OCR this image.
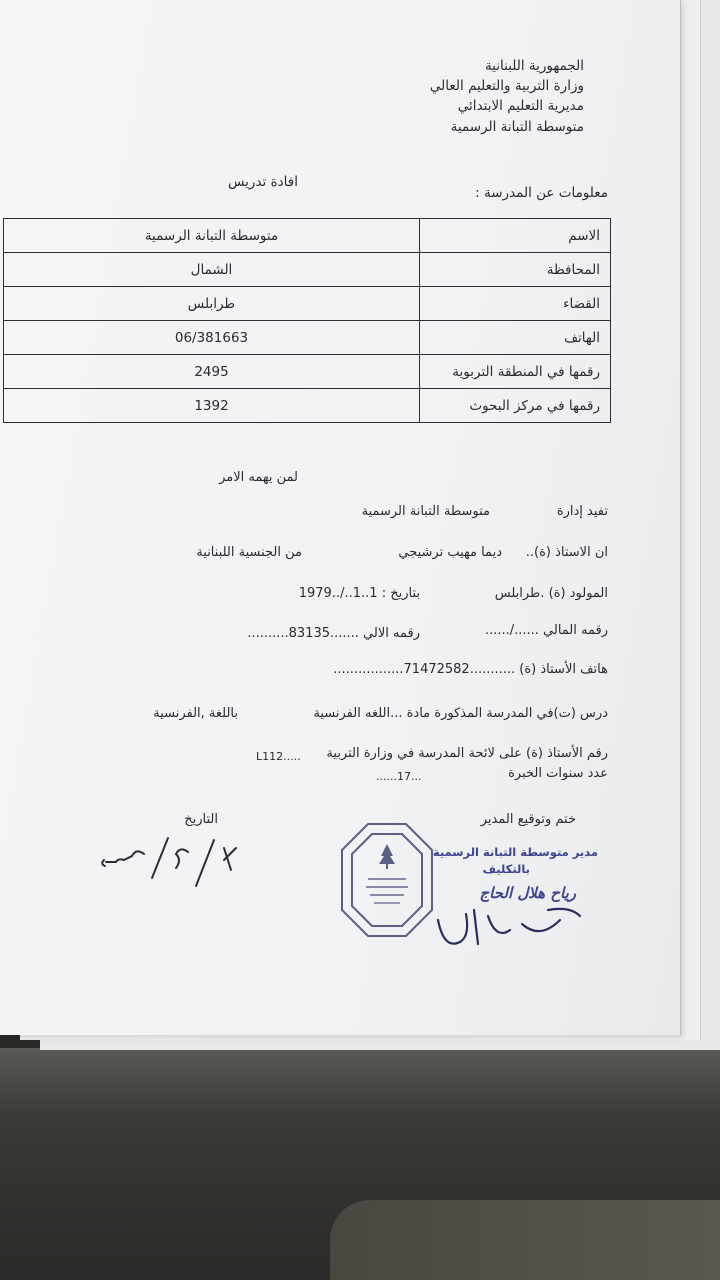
الجمهورية اللبنانية
وزارة التربية والتعليم العالي
مديرية التعليم الابتدائي
متوسطة التبانة الرسمية
افادة تدريس
معلومات عن المدرسة :
الاسم	متوسطة التبانة الرسمية
المحافظة	الشمال
القضاء	طرابلس
الهاتف	06/381663
رقمها في المنطقة التربوية	2495
رقمها في مركز البحوث	1392
لمن يهمه الامر
تفيد إدارة
متوسطة التبانة الرسمية
ان الاستاذ (ة)..
ديما مهيب ترشيجي
من الجنسية اللبنانية
المولود (ة) .طرابلس
بتاريخ : 1..1../..1979
رقمه المالي ....../......
رقمه الالي .......83135..........
هاتف الأستاذ (ة) ...........71472582.................
درس (ت)في المدرسة المذكورة مادة ...اللغه الفرنسية
باللغة ,الفرنسية
رقم الأستاذ (ة) على لائحة المدرسة في وزارة التربية
L112.....
عدد سنوات الخبرة
......17...
ختم وتوقيع المدير
التاريخ
مدير متوسطة التبانة الرسمية
بالتكليف
رياح هلال الحاج
